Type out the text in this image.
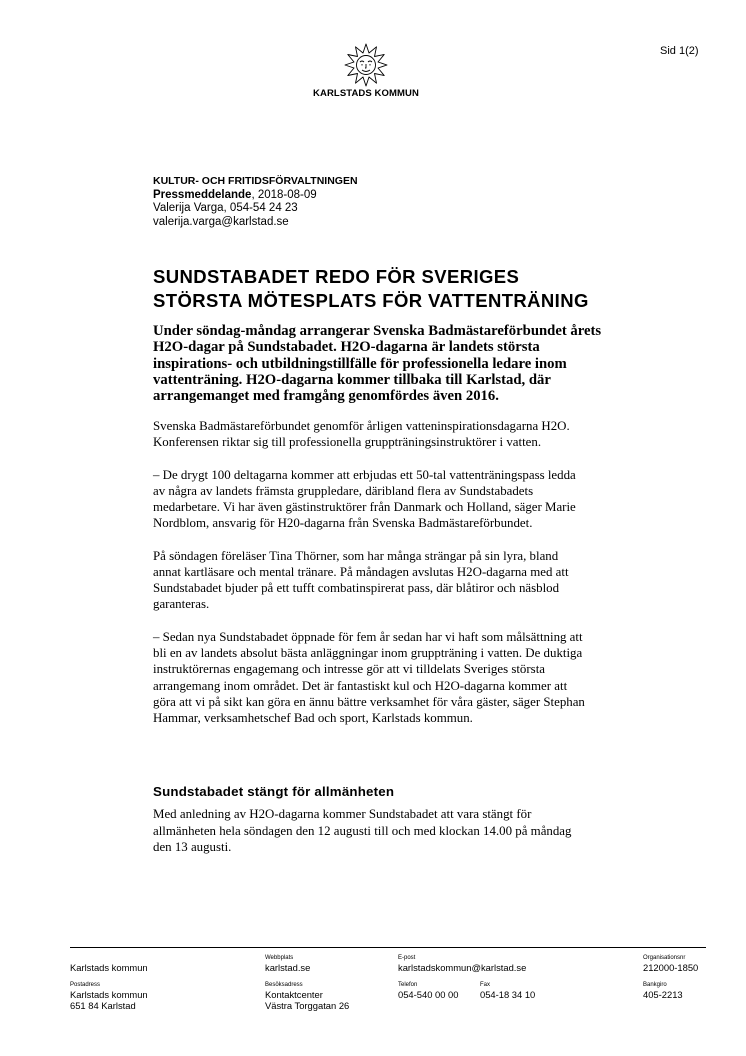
Sid 1(2)
KARLSTADS KOMMUN
KULTUR- OCH FRITIDSFÖRVALTNINGEN
Pressmeddelande, 2018-08-09
Valerija Varga, 054-54 24 23
valerija.varga@karlstad.se
SUNDSTABADET REDO FÖR SVERIGES
STÖRSTA MÖTESPLATS FÖR VATTENTRÄNING
Under söndag-måndag arrangerar Svenska Badmästareförbundet årets
H2O-dagar på Sundstabadet. H2O-dagarna är landets största
inspirations- och utbildningstillfälle för professionella ledare inom
vattenträning. H2O-dagarna kommer tillbaka till Karlstad, där
arrangemanget med framgång genomfördes även 2016.

Svenska Badmästareförbundet genomför årligen vatteninspirationsdagarna H2O.
Konferensen riktar sig till professionella gruppträningsinstruktörer i vatten.

– De drygt 100 deltagarna kommer att erbjudas ett 50-tal vattenträningspass ledda
av några av landets främsta gruppledare, däribland flera av Sundstabadets
medarbetare. Vi har även gästinstruktörer från Danmark och Holland, säger Marie
Nordblom, ansvarig för H20-dagarna från Svenska Badmästareförbundet.

På söndagen föreläser Tina Thörner, som har många strängar på sin lyra, bland
annat kartläsare och mental tränare. På måndagen avslutas H2O-dagarna med att
Sundstabadet bjuder på ett tufft combatinspirerat pass, där blåtiror och näsblod
garanteras.

– Sedan nya Sundstabadet öppnade för fem år sedan har vi haft som målsättning att
bli en av landets absolut bästa anläggningar inom gruppträning i vatten. De duktiga
instruktörernas engagemang och intresse gör att vi tilldelats Sveriges största
arrangemang inom området. Det är fantastiskt kul och H2O-dagarna kommer att
göra att vi på sikt kan göra en ännu bättre verksamhet för våra gäster, säger Stephan
Hammar, verksamhetschef Bad och sport, Karlstads kommun.

Sundstabadet stängt för allmänheten
Med anledning av H2O-dagarna kommer Sundstabadet att vara stängt för
allmänheten hela söndagen den 12 augusti till och med klockan 14.00 på måndag
den 13 augusti.
Karlstads kommun
Webbplats
karlstad.se
E-post
karlstadskommun@karlstad.se
Organisationsnr
212000-1850
Postadress
Karlstads kommun
651 84 Karlstad
Besöksadress
Kontaktcenter
Västra Torggatan 26
Telefon
054-540 00 00
Fax
054-18 34 10
Bankgiro
405-2213
